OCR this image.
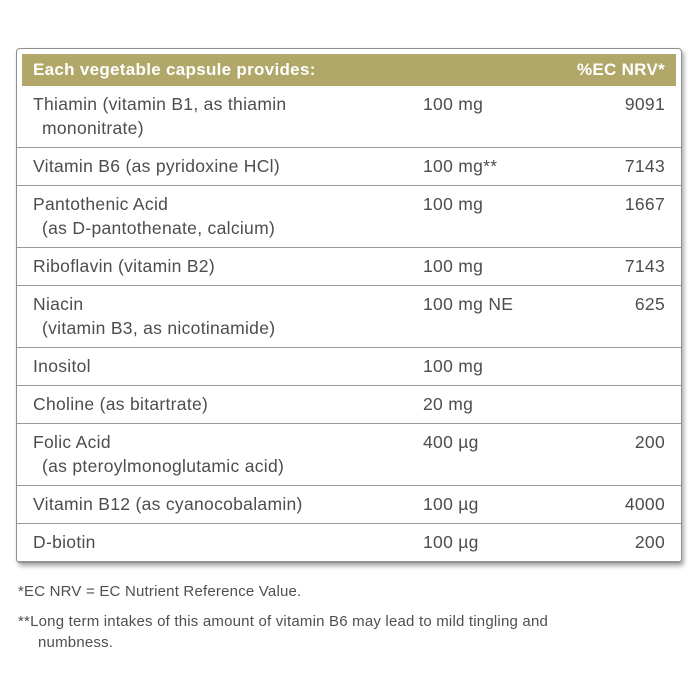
Each vegetable capsule provides:	%EC NRV*
Thiamin (vitamin B1, as thiamin
mononitrate)
100 mg	9091
Vitamin B6 (as pyridoxine HCl)	100 mg**	7143
Pantothenic Acid
(as D-pantothenate, calcium)
100 mg	1667
Riboflavin (vitamin B2)	100 mg	7143
Niacin
(vitamin B3, as nicotinamide)
100 mg NE	625
Inositol	100 mg
Choline (as bitartrate)	20 mg
Folic Acid
(as pteroylmonoglutamic acid)
400 µg	200
Vitamin B12 (as cyanocobalamin)	100 µg	4000
D-biotin	100 µg	200

*EC NRV = EC Nutrient Reference Value.

**Long term intakes of this amount of vitamin B6 may lead to mild tingling and numbness.
